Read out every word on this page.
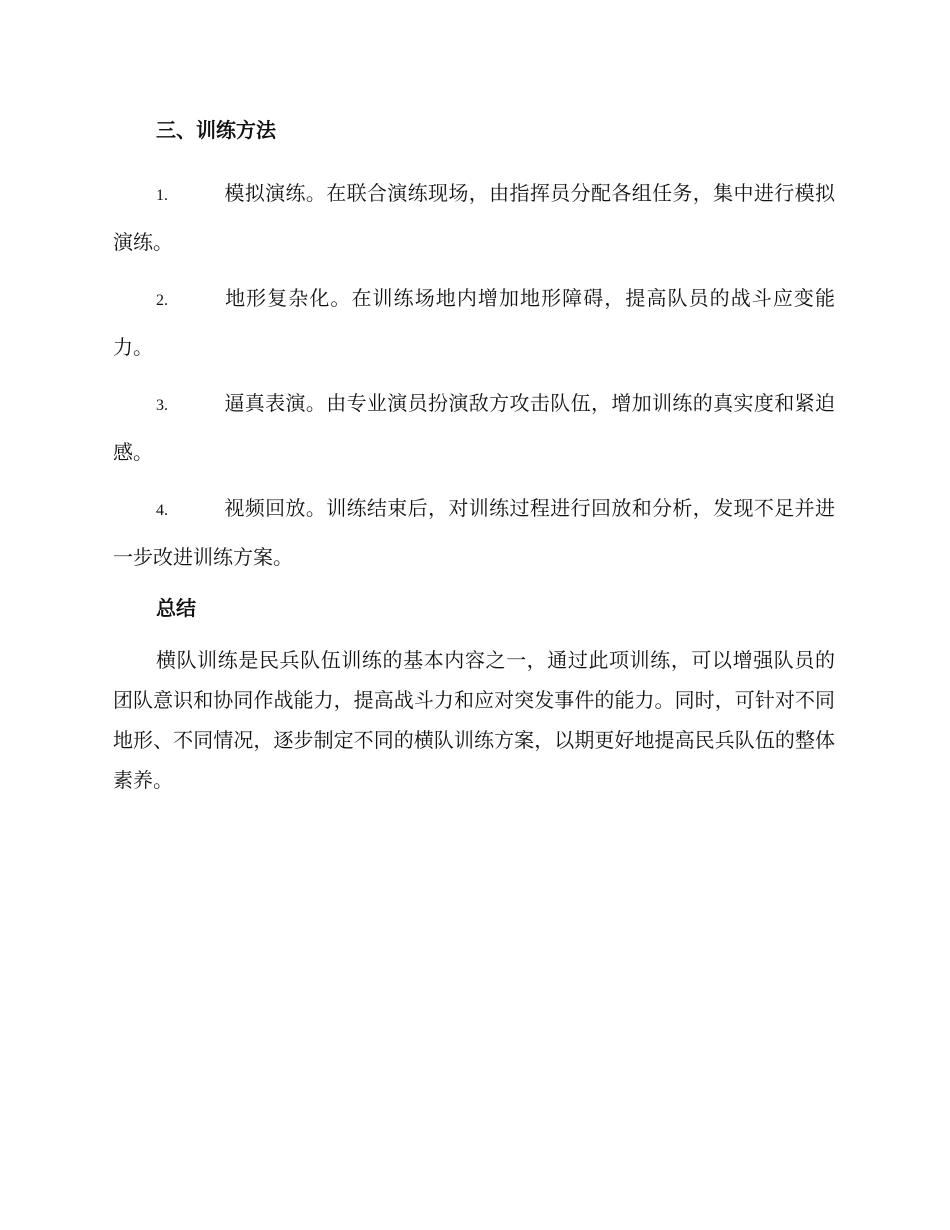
三、训练方法
1.	模拟演练。在联合演练现场，由指挥员分配各组任务，集中进行模拟演练。
2.	地形复杂化。在训练场地内增加地形障碍，提高队员的战斗应变能力。
3.	逼真表演。由专业演员扮演敌方攻击队伍，增加训练的真实度和紧迫感。
4.	视频回放。训练结束后，对训练过程进行回放和分析，发现不足并进一步改进训练方案。
总结

横队训练是民兵队伍训练的基本内容之一，通过此项训练，可以增强队员的团队意识和协同作战能力，提高战斗力和应对突发事件的能力。同时，可针对不同地形、不同情况，逐步制定不同的横队训练方案，以期更好地提高民兵队伍的整体素养。
